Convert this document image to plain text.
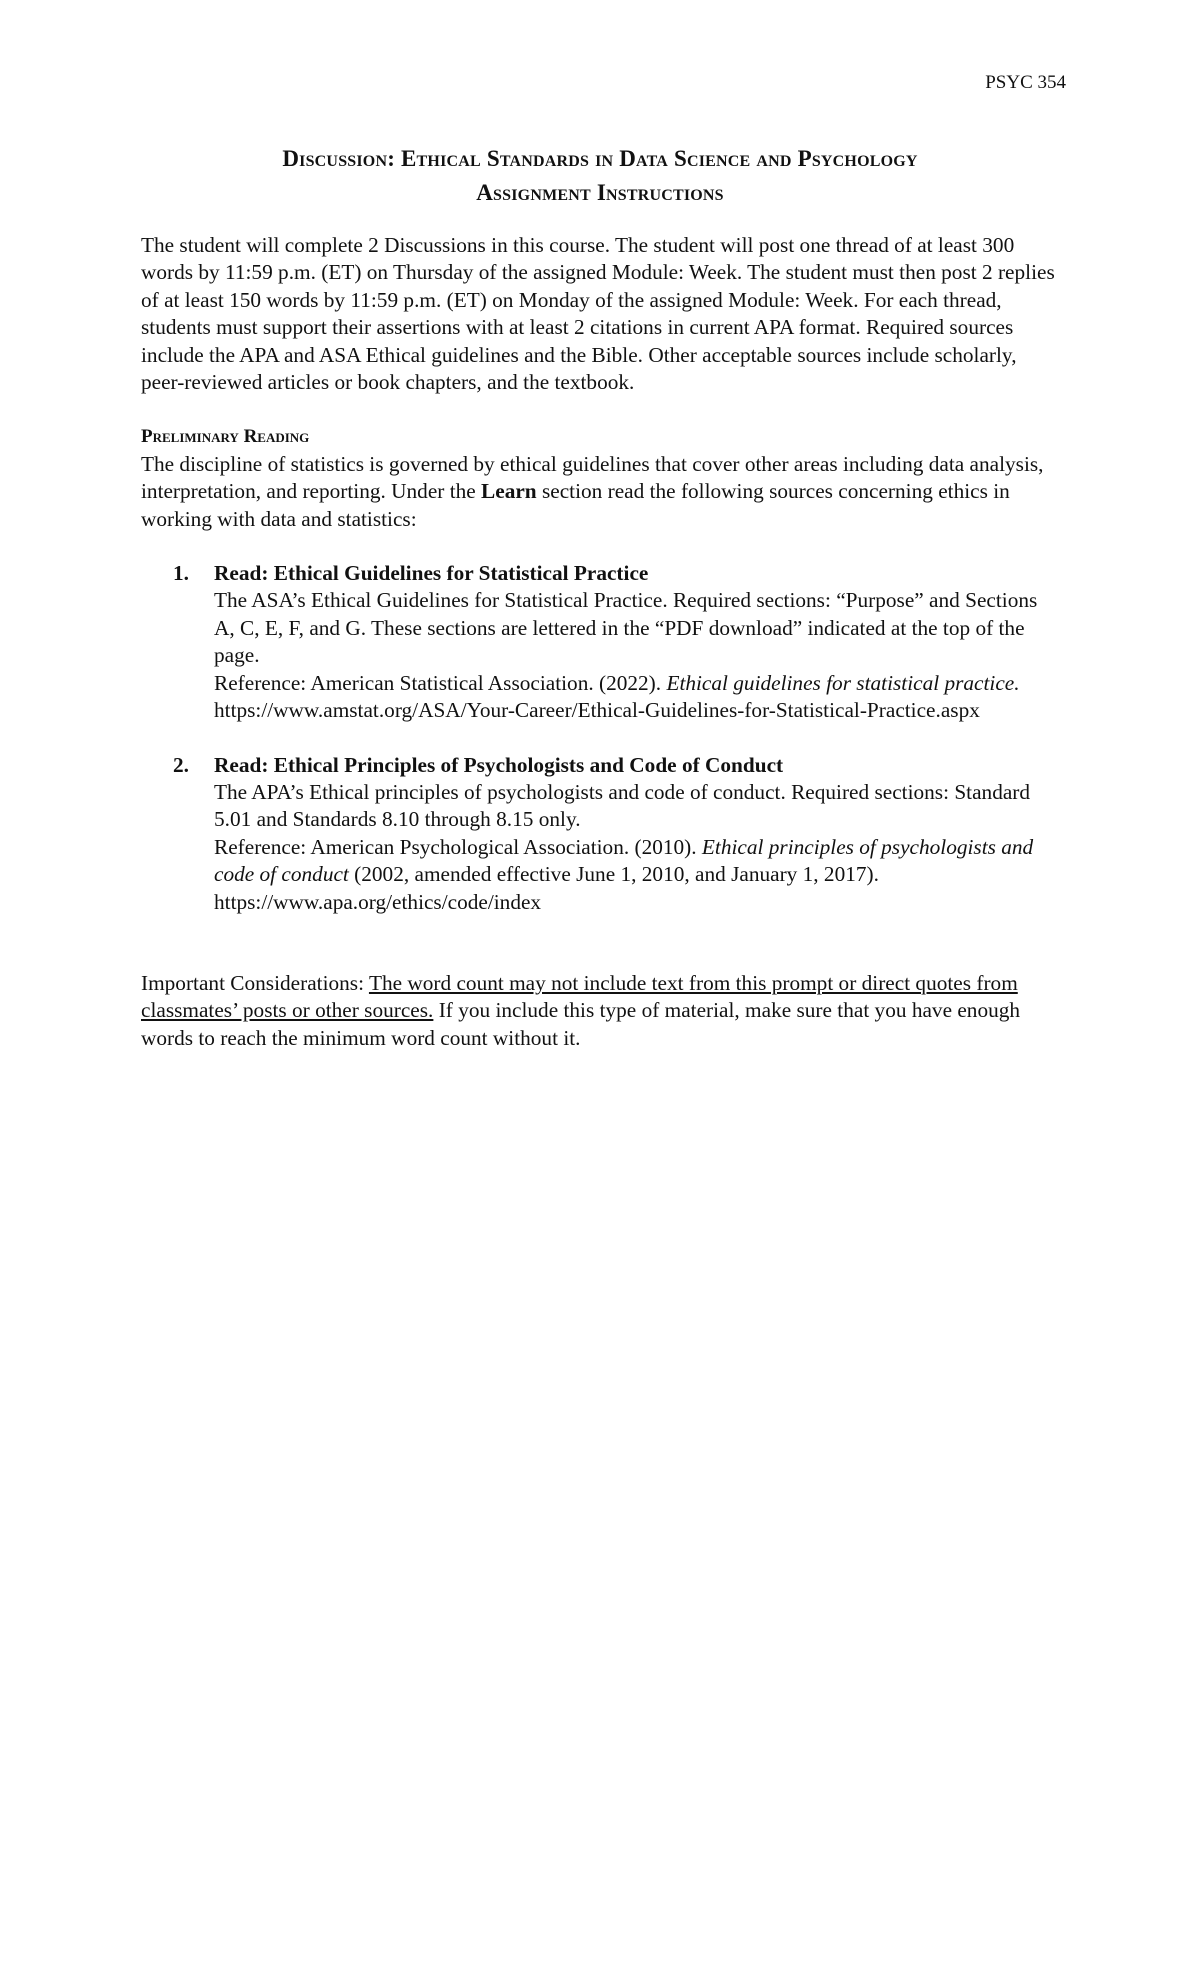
PSYC 354
Discussion: Ethical Standards in Data Science and Psychology
Assignment Instructions

The student will complete 2 Discussions in this course. The student will post one thread of at least 300 words by 11:59 p.m. (ET) on Thursday of the assigned Module: Week. The student must then post 2 replies of at least 150 words by 11:59 p.m. (ET) on Monday of the assigned Module: Week. For each thread, students must support their assertions with at least 2 citations in current APA format. Required sources include the APA and ASA Ethical guidelines and the Bible. Other acceptable sources include scholarly, peer-reviewed articles or book chapters, and the textbook.

Preliminary Reading

The discipline of statistics is governed by ethical guidelines that cover other areas including data analysis, interpretation, and reporting. Under the Learn section read the following sources concerning ethics in working with data and statistics:

1. Read: Ethical Guidelines for Statistical Practice
The ASA’s Ethical Guidelines for Statistical Practice. Required sections: “Purpose” and Sections A, C, E, F, and G. These sections are lettered in the “PDF download” indicated at the top of the page.
Reference: American Statistical Association. (2022). Ethical guidelines for statistical practice. https://www.amstat.org/ASA/Your-Career/Ethical-Guidelines-for-Statistical-Practice.aspx
2. Read: Ethical Principles of Psychologists and Code of Conduct
The APA’s Ethical principles of psychologists and code of conduct. Required sections: Standard 5.01 and Standards 8.10 through 8.15 only.
Reference: American Psychological Association. (2010). Ethical principles of psychologists and code of conduct (2002, amended effective June 1, 2010, and January 1, 2017). https://www.apa.org/ethics/code/index

Important Considerations: The word count may not include text from this prompt or direct quotes from classmates’ posts or other sources. If you include this type of material, make sure that you have enough words to reach the minimum word count without it.
